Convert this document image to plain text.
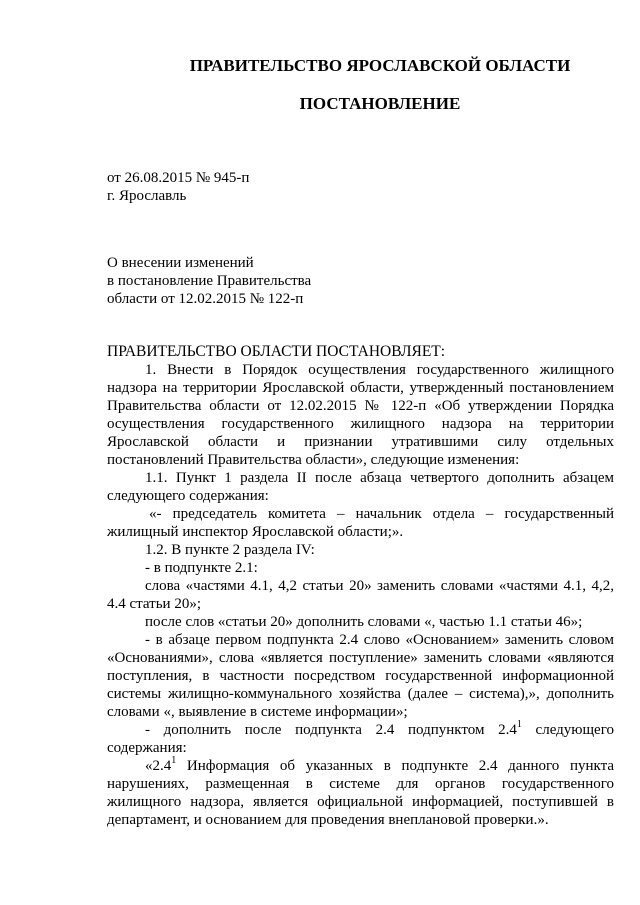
ПРАВИТЕЛЬСТВО ЯРОСЛАВСКОЙ ОБЛАСТИ
ПОСТАНОВЛЕНИЕ
от 26.08.2015 № 945-п
г. Ярославль
О внесении изменений
в постановление Правительства
области от 12.02.2015 № 122-п
ПРАВИТЕЛЬСТВО ОБЛАСТИ ПОСТАНОВЛЯЕТ:
1. Внести в Порядок осуществления государственного жилищного
надзора на территории Ярославской области, утвержденный постановлением
Правительства области от 12.02.2015 № 122-п «Об утверждении Порядка
осуществления государственного жилищного надзора на территории
Ярославской области и признании утратившими силу отдельных
постановлений Правительства области», следующие изменения:
1.1. Пункт 1 раздела II после абзаца четвертого дополнить абзацем
следующего содержания:
«- председатель комитета – начальник отдела – государственный
жилищный инспектор Ярославской области;».
1.2. В пункте 2 раздела IV:
- в подпункте 2.1:
слова «частями 4.1, 4,2 статьи 20» заменить словами «частями 4.1, 4,2,
4.4 статьи 20»;
после слов «статьи 20» дополнить словами «, частью 1.1 статьи 46»;
- в абзаце первом подпункта 2.4 слово «Основанием» заменить словом
«Основаниями», слова «является поступление» заменить словами «являются
поступления, в частности посредством государственной информационной
системы жилищно-коммунального хозяйства (далее – система),», дополнить
словами «, выявление в системе информации»;
- дополнить после подпункта 2.4 подпунктом $2.4^1$ следующего
содержания:
«$2.4^1$ Информация об указанных в подпункте 2.4 данного пункта
нарушениях, размещенная в системе для органов государственного
жилищного надзора, является официальной информацией, поступившей в
департамент, и основанием для проведения внеплановой проверки.».
